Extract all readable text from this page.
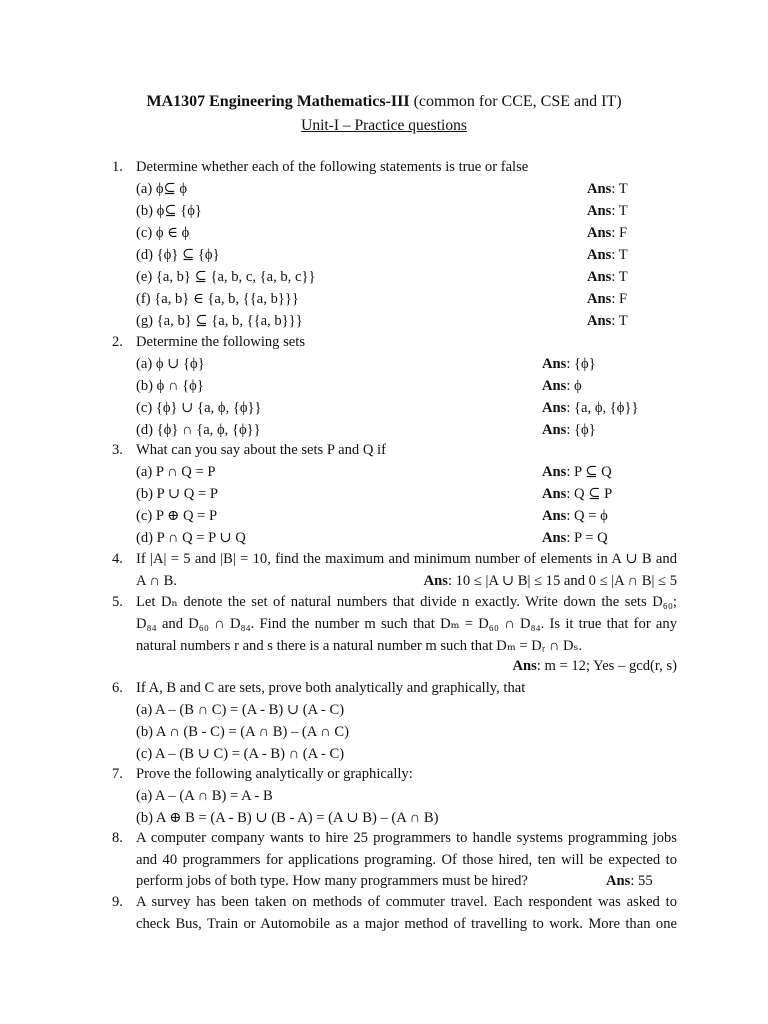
MA1307 Engineering Mathematics-III (common for CCE, CSE and IT)
Unit-I – Practice questions
1. Determine whether each of the following statements is true or false
(a) ϕ⊆ ϕ	Ans: T
(b) ϕ⊆ {ϕ}	Ans: T
(c) ϕ ∈ ϕ	Ans: F
(d) {ϕ} ⊆ {ϕ}	Ans: T
(e) {a, b} ⊆ {a, b, c, {a, b, c}}	Ans: T
(f) {a, b} ∈ {a, b, {{a, b}}}	Ans: F
(g) {a, b} ⊆ {a, b, {{a, b}}}	Ans: T
2. Determine the following sets
(a) ϕ ∪ {ϕ}	Ans: {ϕ}
(b) ϕ ∩ {ϕ}	Ans: ϕ
(c) {ϕ} ∪ {a, ϕ, {ϕ}}	Ans: {a, ϕ, {ϕ}}
(d) {ϕ} ∩ {a, ϕ, {ϕ}}	Ans: {ϕ}
3. What can you say about the sets P and Q if
(a) P ∩ Q = P	Ans: P ⊆ Q
(b) P ∪ Q = P	Ans: Q ⊆ P
(c) P ⊕ Q = P	Ans: Q = ϕ
(d) P ∩ Q = P ∪ Q	Ans: P = Q
4. If |A| = 5 and |B| = 10, find the maximum and minimum number of elements in A ∪ B and
A ∩ B.	Ans: 10 ≤ |A ∪ B| ≤ 15 and 0 ≤ |A ∩ B| ≤ 5
5. Let Dₙ denote the set of natural numbers that divide n exactly. Write down the sets D₆₀;
D₈₄ and D₆₀ ∩ D₈₄. Find the number m such that Dₘ = D₆₀ ∩ D₈₄. Is it true that for any
natural numbers r and s there is a natural number m such that Dₘ = Dᵣ ∩ Dₛ.
Ans: m = 12; Yes – gcd(r, s)
6. If A, B and C are sets, prove both analytically and graphically, that
(a) A – (B ∩ C) = (A - B) ∪ (A - C)
(b) A ∩ (B - C) = (A ∩ B) – (A ∩ C)
(c) A – (B ∪ C) = (A - B) ∩ (A - C)
7. Prove the following analytically or graphically:
(a) A – (A ∩ B) = A - B
(b) A ⊕ B = (A - B) ∪ (B - A) = (A ∪ B) – (A ∩ B)
8. A computer company wants to hire 25 programmers to handle systems programming jobs
and 40 programmers for applications programing. Of those hired, ten will be expected to
perform jobs of both type. How many programmers must be hired?	Ans: 55
9. A survey has been taken on methods of commuter travel. Each respondent was asked to
check Bus, Train or Automobile as a major method of travelling to work. More than one
